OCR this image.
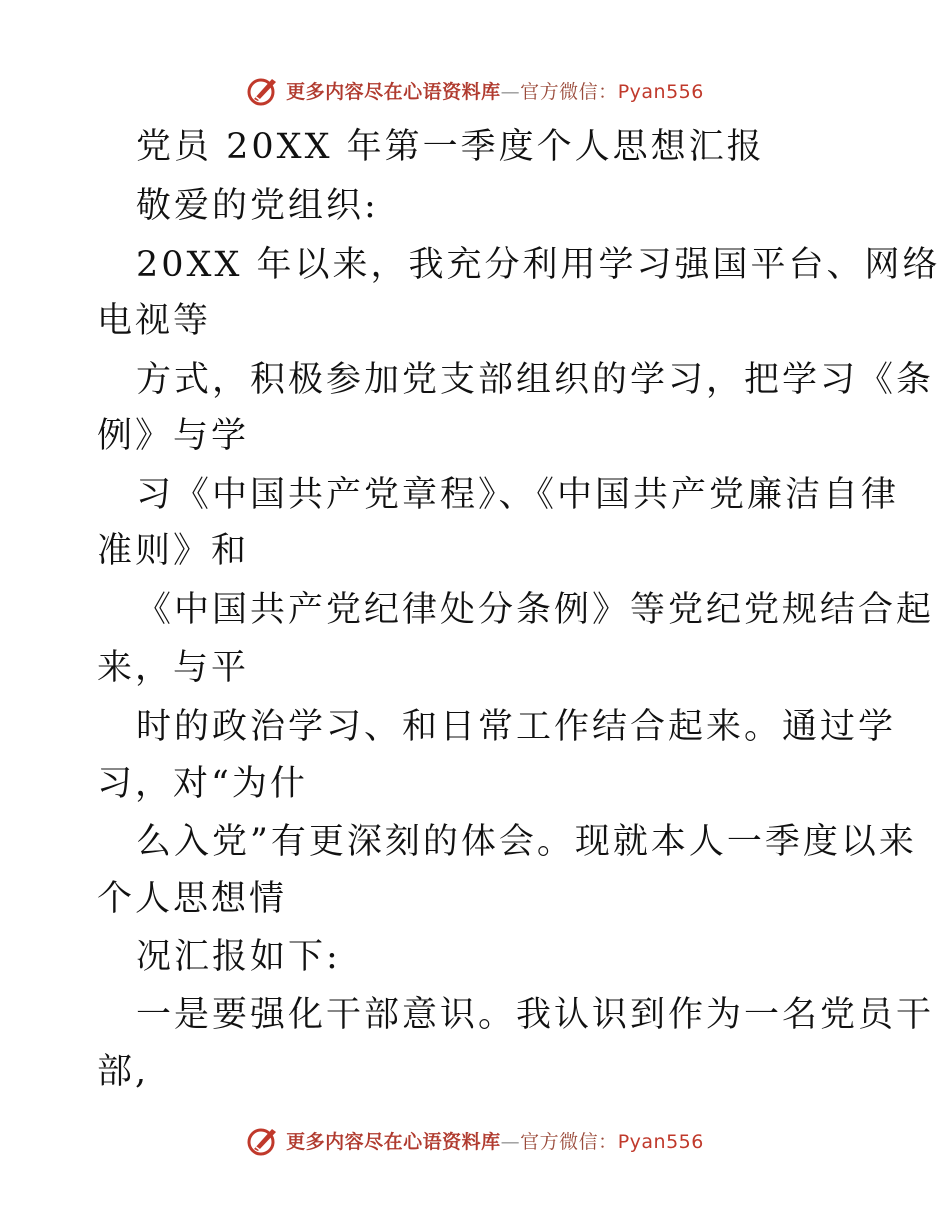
更多内容尽在心语资料库—官方微信：Pyan556
党员 20XX 年第一季度个人思想汇报
敬爱的党组织:
20XX 年以来，我充分利用学习强国平台、网络
电视等
方式，积极参加党支部组织的学习，把学习《条
例》与学
习《中国共产党章程》、《中国共产党廉洁自律
准则》和
《中国共产党纪律处分条例》等党纪党规结合起
来，与平
时的政治学习、和日常工作结合起来。通过学
习，对“为什
么入党”有更深刻的体会。现就本人一季度以来
个人思想情
况汇报如下:
一是要强化干部意识。我认识到作为一名党员干
部,
更多内容尽在心语资料库—官方微信：Pyan556
